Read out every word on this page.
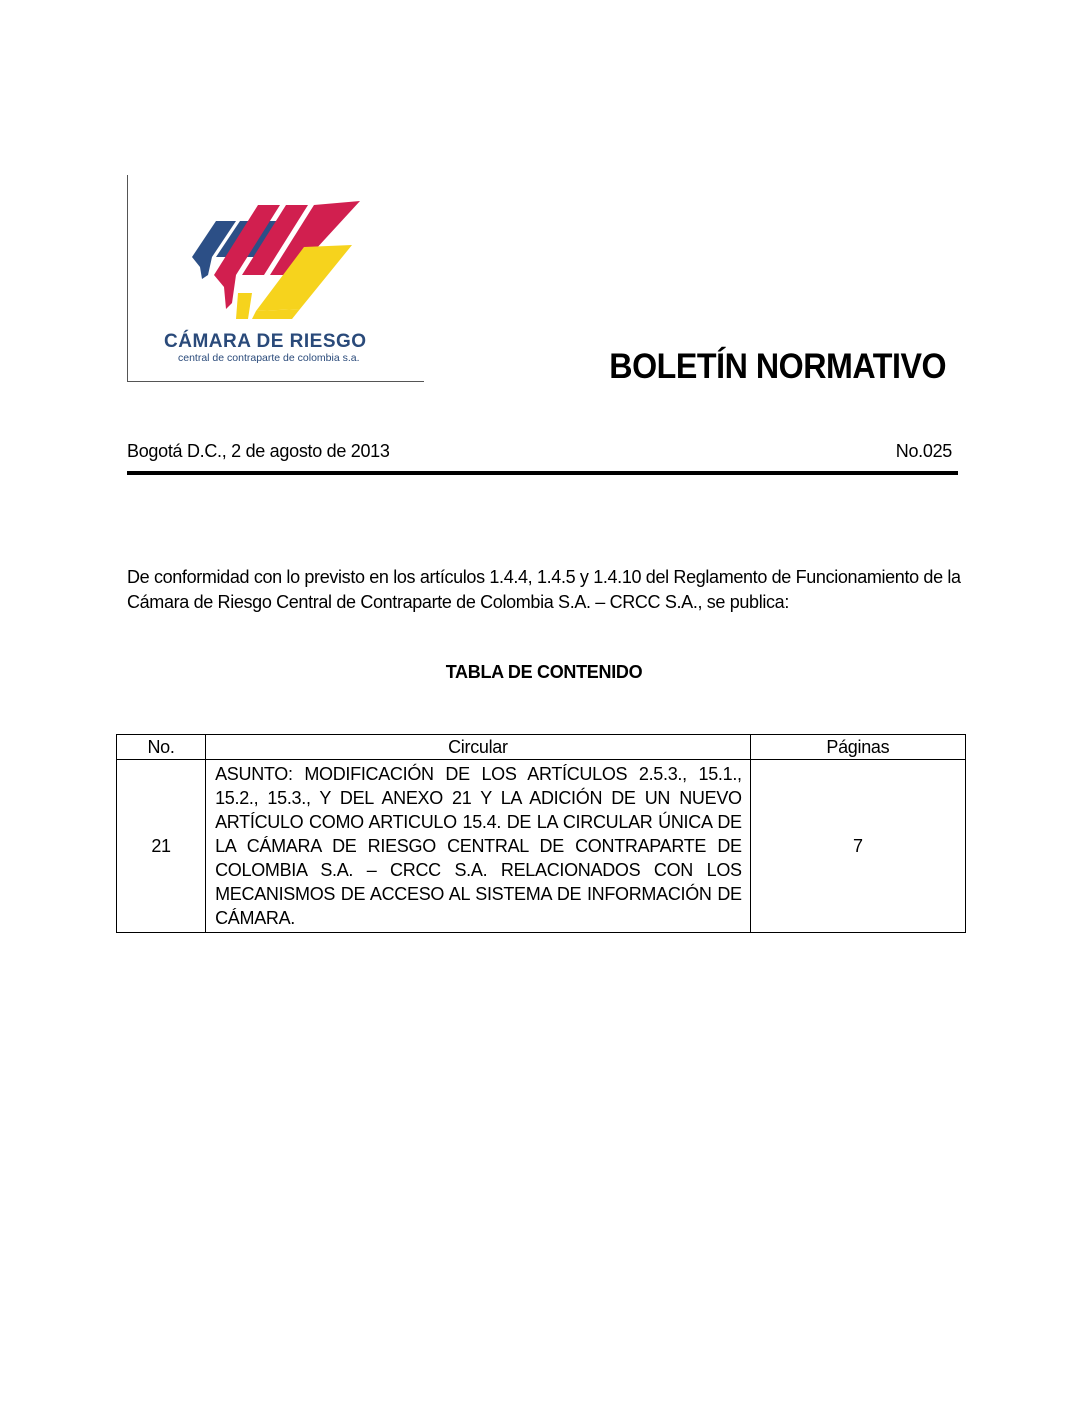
CÁMARA DE RIESGO
central de contraparte de colombia s.a.	BOLETÍN NORMATIVO
Bogotá D.C., 2 de agosto de 2013	No.025
De conformidad con lo previsto en los artículos 1.4.4, 1.4.5 y 1.4.10 del Reglamento de Funcionamiento de la Cámara de Riesgo Central de Contraparte de Colombia S.A. – CRCC S.A., se publica:
TABLA DE CONTENIDO
No.	Circular	Páginas
21	ASUNTO: MODIFICACIÓN DE LOS ARTÍCULOS 2.5.3., 15.1., 15.2., 15.3., Y DEL ANEXO 21 Y LA ADICIÓN DE UN NUEVO ARTÍCULO COMO ARTICULO 15.4. DE LA CIRCULAR ÚNICA DE LA CÁMARA DE RIESGO CENTRAL DE CONTRAPARTE DE COLOMBIA S.A. – CRCC S.A. RELACIONADOS CON LOS MECANISMOS DE ACCESO AL SISTEMA DE INFORMACIÓN DE CÁMARA.	7
